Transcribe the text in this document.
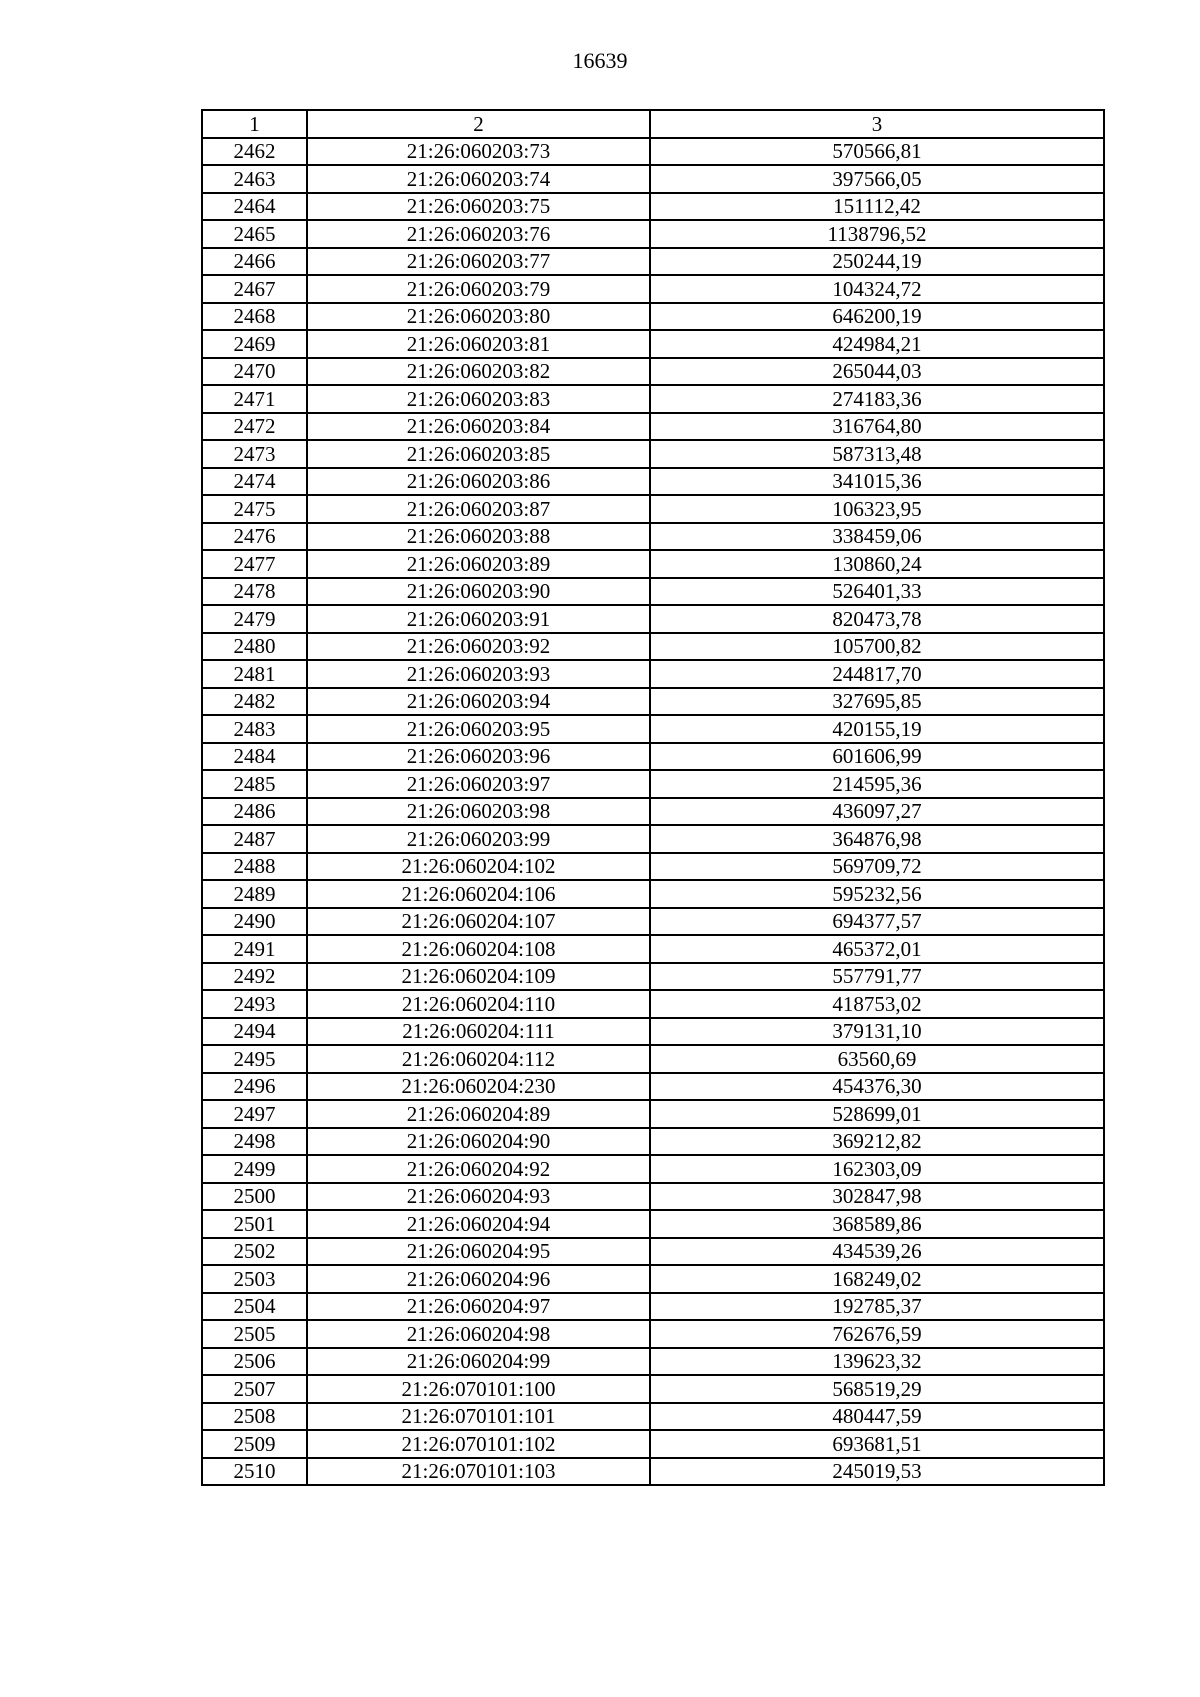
16639
1	2	3
2462	21:26:060203:73	570566,81
2463	21:26:060203:74	397566,05
2464	21:26:060203:75	151112,42
2465	21:26:060203:76	1138796,52
2466	21:26:060203:77	250244,19
2467	21:26:060203:79	104324,72
2468	21:26:060203:80	646200,19
2469	21:26:060203:81	424984,21
2470	21:26:060203:82	265044,03
2471	21:26:060203:83	274183,36
2472	21:26:060203:84	316764,80
2473	21:26:060203:85	587313,48
2474	21:26:060203:86	341015,36
2475	21:26:060203:87	106323,95
2476	21:26:060203:88	338459,06
2477	21:26:060203:89	130860,24
2478	21:26:060203:90	526401,33
2479	21:26:060203:91	820473,78
2480	21:26:060203:92	105700,82
2481	21:26:060203:93	244817,70
2482	21:26:060203:94	327695,85
2483	21:26:060203:95	420155,19
2484	21:26:060203:96	601606,99
2485	21:26:060203:97	214595,36
2486	21:26:060203:98	436097,27
2487	21:26:060203:99	364876,98
2488	21:26:060204:102	569709,72
2489	21:26:060204:106	595232,56
2490	21:26:060204:107	694377,57
2491	21:26:060204:108	465372,01
2492	21:26:060204:109	557791,77
2493	21:26:060204:110	418753,02
2494	21:26:060204:111	379131,10
2495	21:26:060204:112	63560,69
2496	21:26:060204:230	454376,30
2497	21:26:060204:89	528699,01
2498	21:26:060204:90	369212,82
2499	21:26:060204:92	162303,09
2500	21:26:060204:93	302847,98
2501	21:26:060204:94	368589,86
2502	21:26:060204:95	434539,26
2503	21:26:060204:96	168249,02
2504	21:26:060204:97	192785,37
2505	21:26:060204:98	762676,59
2506	21:26:060204:99	139623,32
2507	21:26:070101:100	568519,29
2508	21:26:070101:101	480447,59
2509	21:26:070101:102	693681,51
2510	21:26:070101:103	245019,53
